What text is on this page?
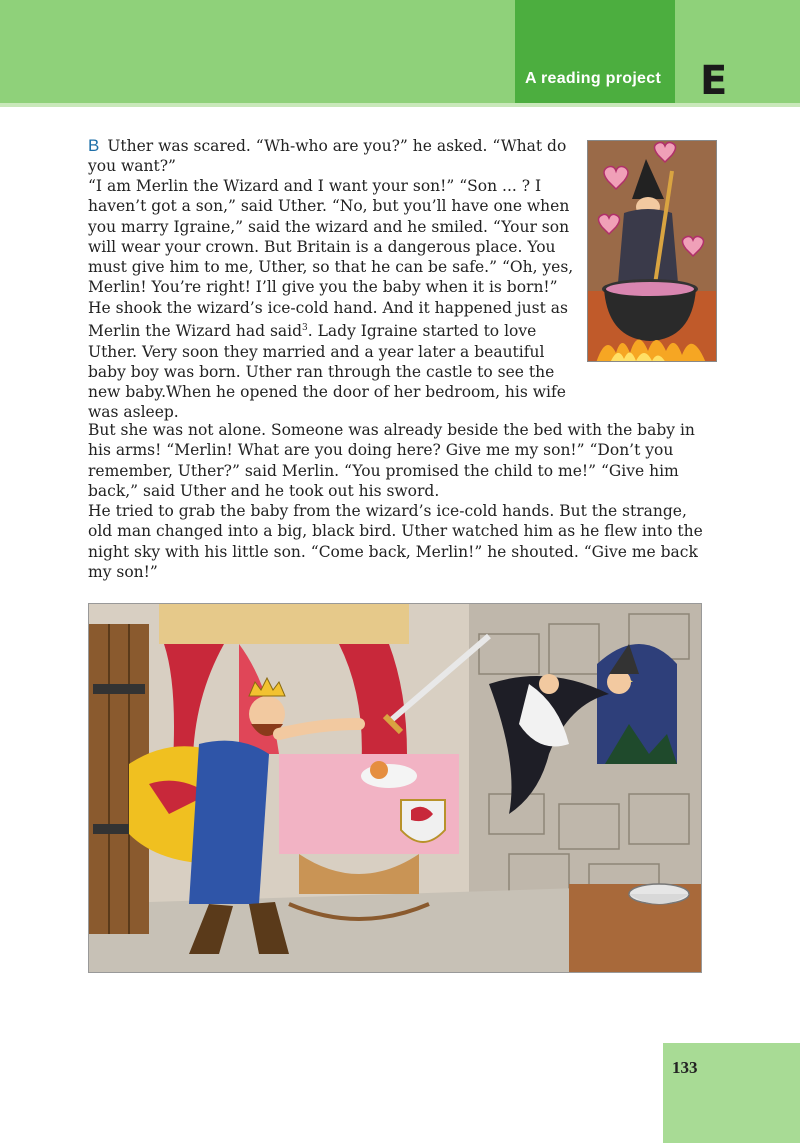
A reading project E

B Uther was scared. “Wh-who are you?” he asked. “What do you want?”

“I am Merlin the Wizard and I want your son!” “Son ... ? I haven’t got a son,” said Uther. “No, but you’ll have one when you marry Igraine,” said the wizard and he smiled. “Your son will wear your crown. But Britain is a dangerous place. You must give him to me, Uther, so that he can be safe.” “Oh, yes, Merlin! You’re right! I’ll give you the baby when it is born!” He shook the wizard’s ice-cold hand. And it happened just as Merlin the Wizard had said$^3$. Lady Igraine started to love Uther. Very soon they married and a year later a beautiful baby boy was born. Uther ran through the castle to see the new baby.When he opened the door of her bedroom, his wife was asleep.

But she was not alone. Someone was already beside the bed with the baby in his arms! “Merlin! What are you doing here? Give me my son!” “Don’t you remember, Uther?” said Merlin. “You promised the child to me!” “Give him back,” said Uther and he took out his sword.

He tried to grab the baby from the wizard’s ice-cold hands. But the strange, old man changed into a big, black bird. Uther watched him as he flew into the night sky with his little son. “Come back, Merlin!” he shouted. “Give me back my son!”

133
